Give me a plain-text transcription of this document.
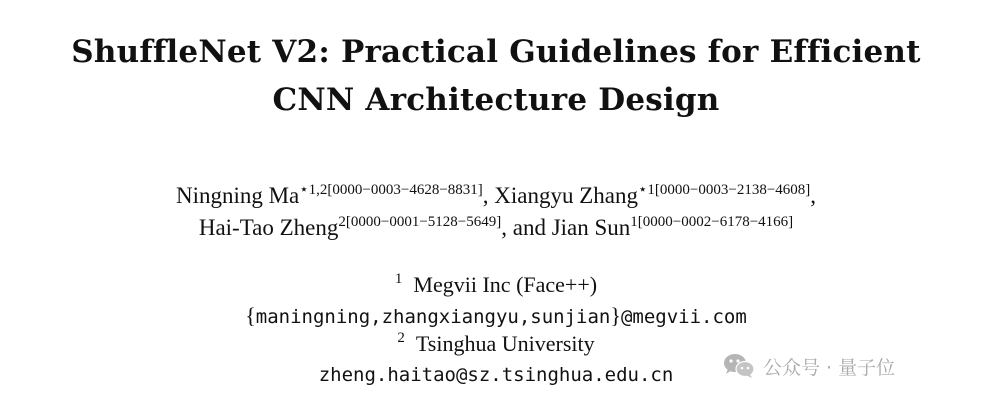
ShuffleNet V2: Practical Guidelines for Efficient
CNN Architecture Design
Ningning $Ma^{⋆1,2[0000-0003-4628-8831]}$, Xiangyu Zhang$^{⋆1[0000-0003-2138-4608]}$,
Hai-Tao Zheng$^{2[0000-0001-5128-5649]}$, and Jian Sun$^{1[0000-0002-6178-4166]}$
$^1$ Megvii Inc (Face++)
{maningning,zhangxiangyu,sunjian}@megvii.com
$^2$ Tsinghua University
zheng.haitao@sz.tsinghua.edu.cn	公众号 · 量子位
